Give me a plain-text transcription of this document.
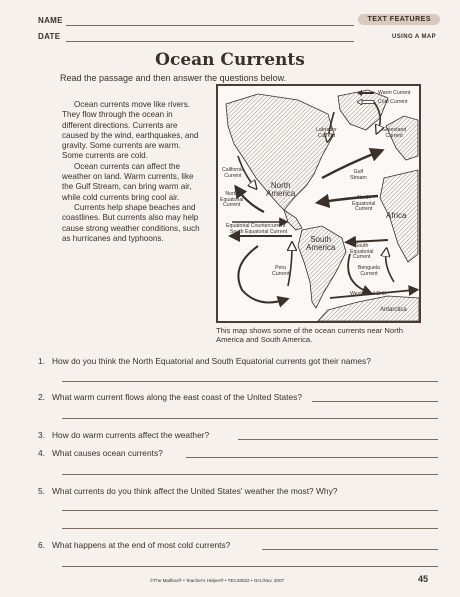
NAME
DATE
TEXT FEATURES
USING A MAP
Ocean Currents
Read the passage and then answer the questions below.

Ocean currents move like rivers. They flow through the ocean in different directions. Currents are caused by the wind, earthquakes, and gravity. Some currents are warm. Some currents are cold.

Ocean currents can affect the weather on land. Warm currents, like the Gulf Stream, can bring warm air, while cold currents bring cool air.

Currents help shape beaches and coastlines. But currents also may help cause strong weather conditions, such as hurricanes and typhoons.

Warm Current
Cold Current
Labrador
Current
Greenland
Current
California
Current
North
America
Gulf
Stream
North
Equatorial
Current
North
Equatorial
Current
Africa
Equatorial Countercurrent
South Equatorial Current
South
America
Peru
Current
South
Equatorial
Current
Benguela
Current
West Wind Drift
Antarctica
This map shows some of the ocean currents near North America and South America.
1. How do you think the North Equatorial and South Equatorial currents got their names?
2. What warm current flows along the east coast of the United States?
3. How do warm currents affect the weather?
4. What causes ocean currents?
5. What currents do you think affect the United States' weather the most? Why?
6. What happens at the end of most cold currents?
©The Mailbox® • Teacher's Helper® • TEC48022 • Oct./Nov. 2007	45
